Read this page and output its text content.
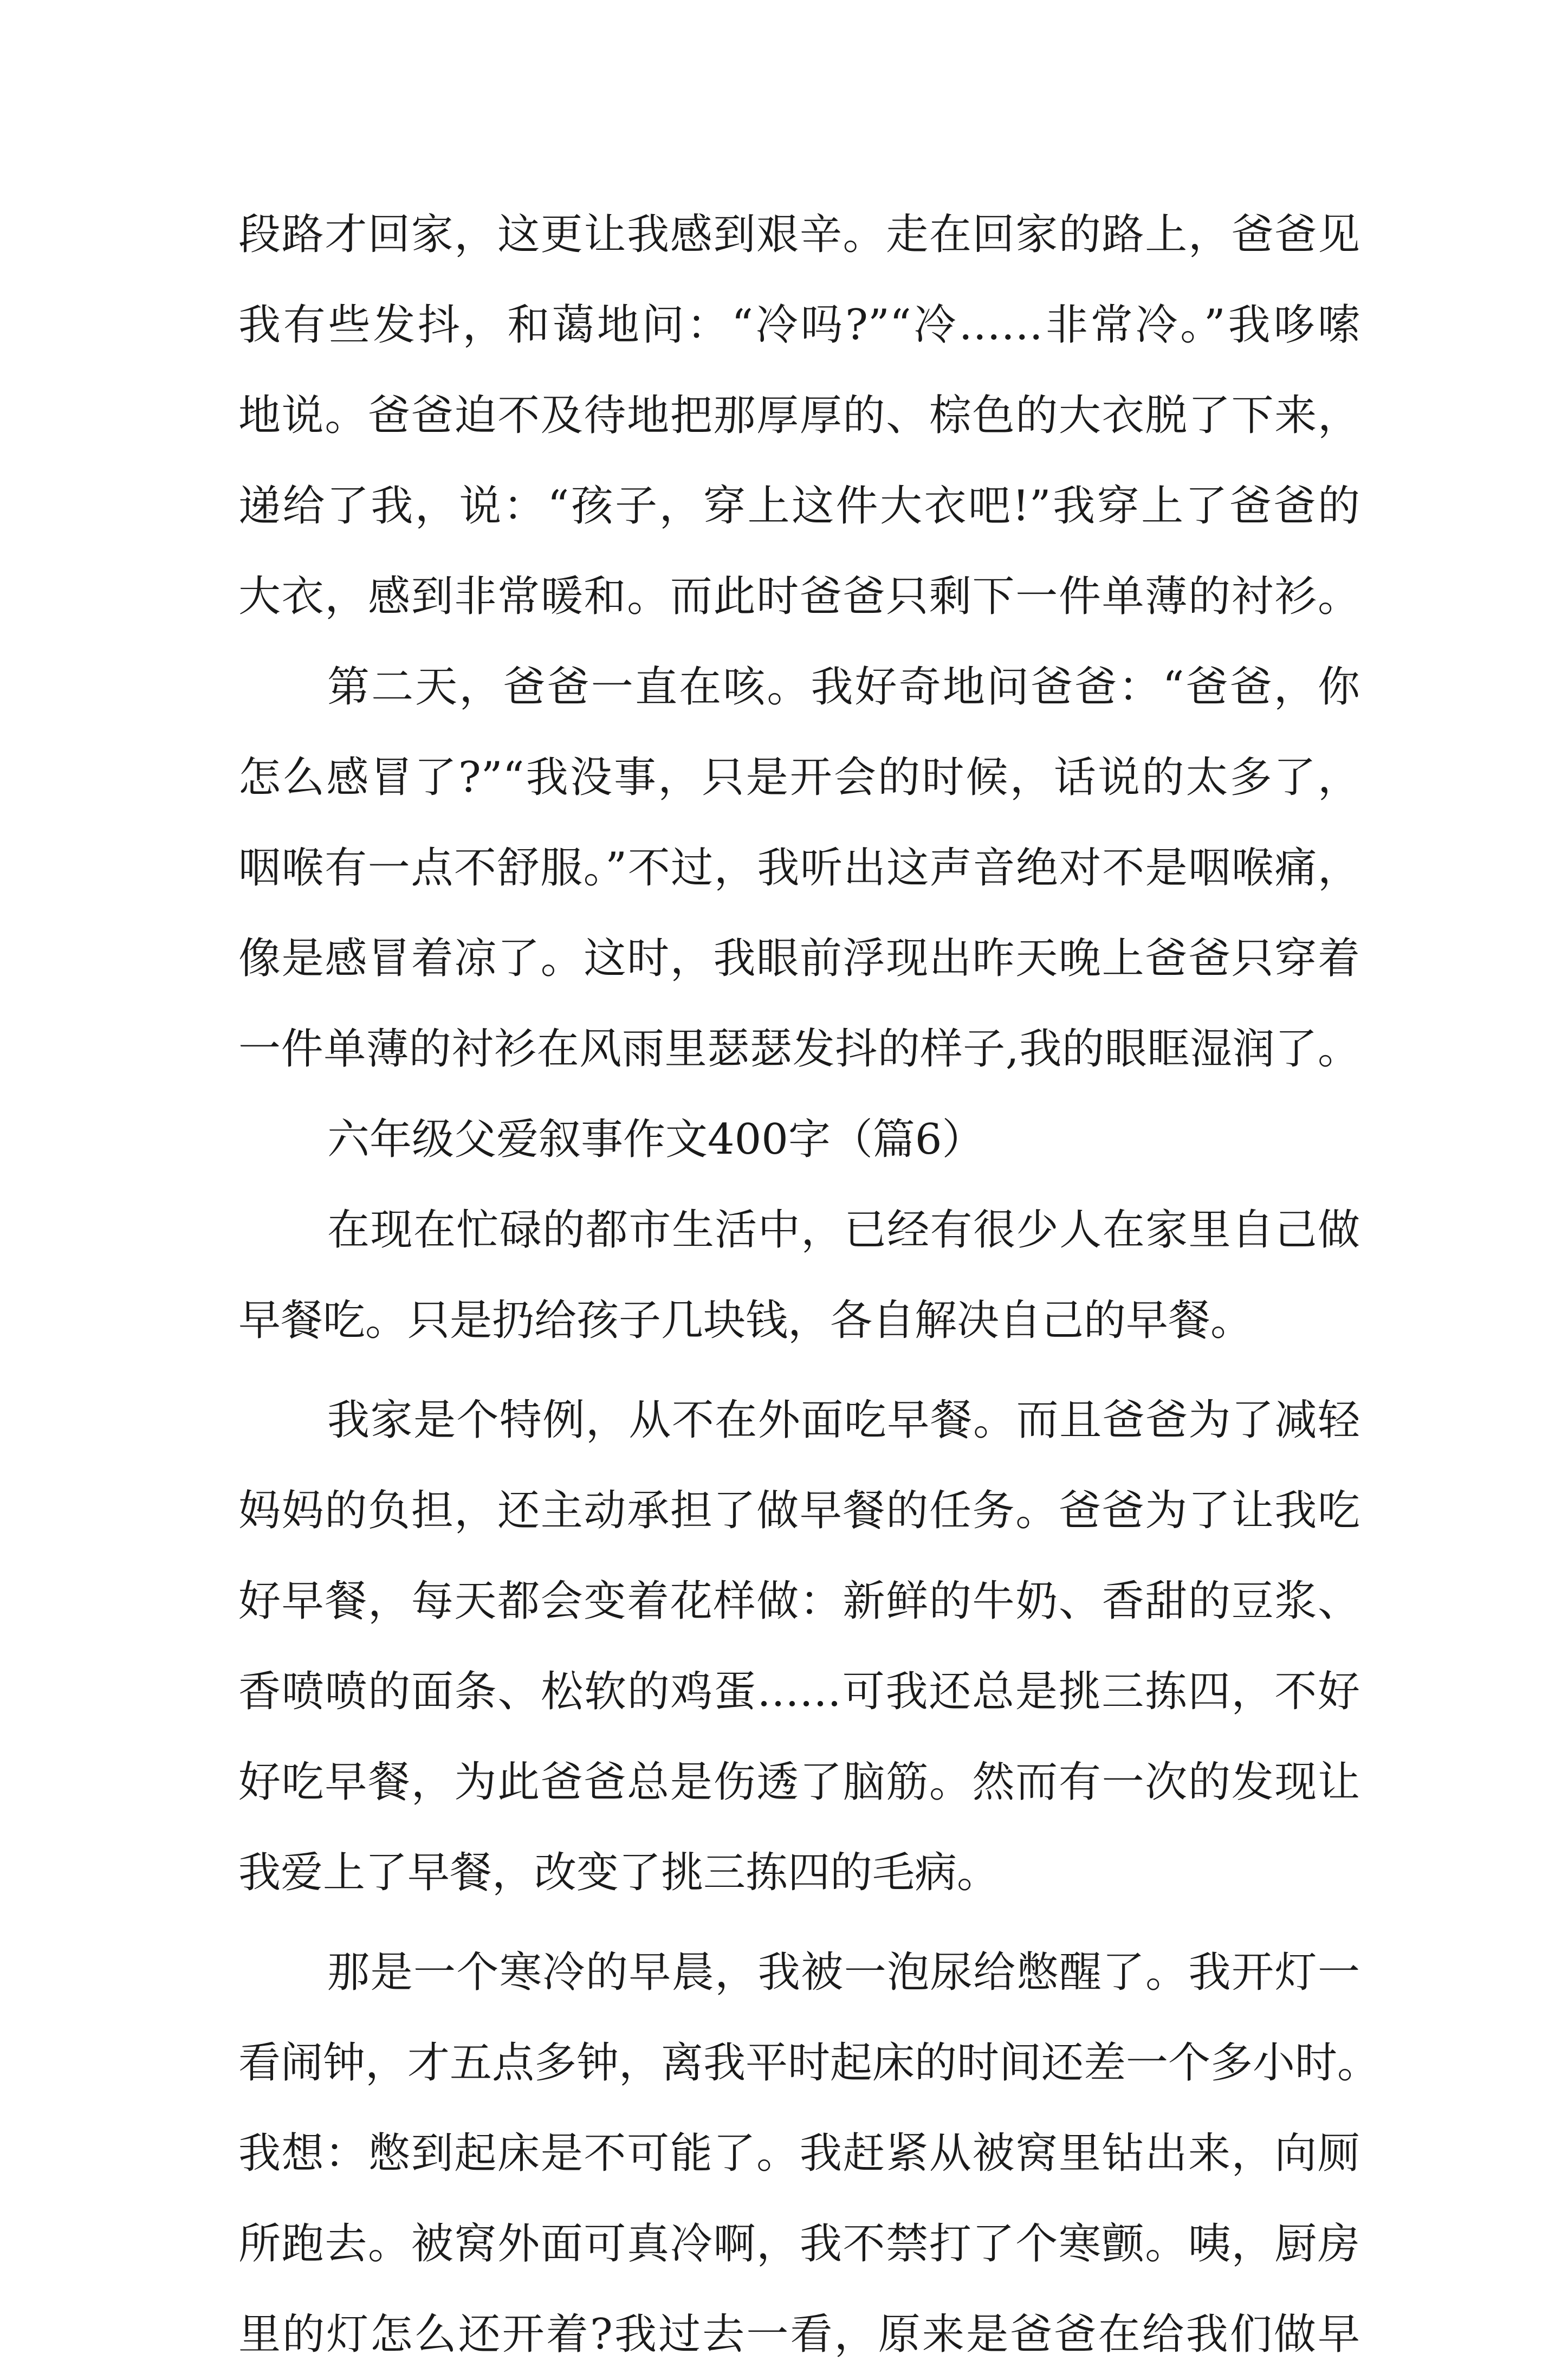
段路才回家，这更让我感到艰辛。走在回家的路上，爸爸见
我有些发抖，和蔼地问：“冷吗?”“冷……非常冷。”我哆嗦
地说。爸爸迫不及待地把那厚厚的、棕色的大衣脱了下来，
递给了我，说：“孩子，穿上这件大衣吧!”我穿上了爸爸的
大衣，感到非常暖和。而此时爸爸只剩下一件单薄的衬衫。
第二天，爸爸一直在咳。我好奇地问爸爸：“爸爸，你
怎么感冒了?”“我没事，只是开会的时候，话说的太多了，
咽喉有一点不舒服。”不过，我听出这声音绝对不是咽喉痛，
像是感冒着凉了。这时，我眼前浮现出昨天晚上爸爸只穿着
一件单薄的衬衫在风雨里瑟瑟发抖的样子,我的眼眶湿润了。
六年级父爱叙事作文400字（篇6）
在现在忙碌的都市生活中，已经有很少人在家里自己做
早餐吃。只是扔给孩子几块钱，各自解决自己的早餐。
我家是个特例，从不在外面吃早餐。而且爸爸为了减轻
妈妈的负担，还主动承担了做早餐的任务。爸爸为了让我吃
好早餐，每天都会变着花样做：新鲜的牛奶、香甜的豆浆、
香喷喷的面条、松软的鸡蛋……可我还总是挑三拣四，不好
好吃早餐，为此爸爸总是伤透了脑筋。然而有一次的发现让
我爱上了早餐，改变了挑三拣四的毛病。
那是一个寒冷的早晨，我被一泡尿给憋醒了。我开灯一
看闹钟，才五点多钟，离我平时起床的时间还差一个多小时。
我想：憋到起床是不可能了。我赶紧从被窝里钻出来，向厕
所跑去。被窝外面可真冷啊，我不禁打了个寒颤。咦，厨房
里的灯怎么还开着?我过去一看，原来是爸爸在给我们做早
